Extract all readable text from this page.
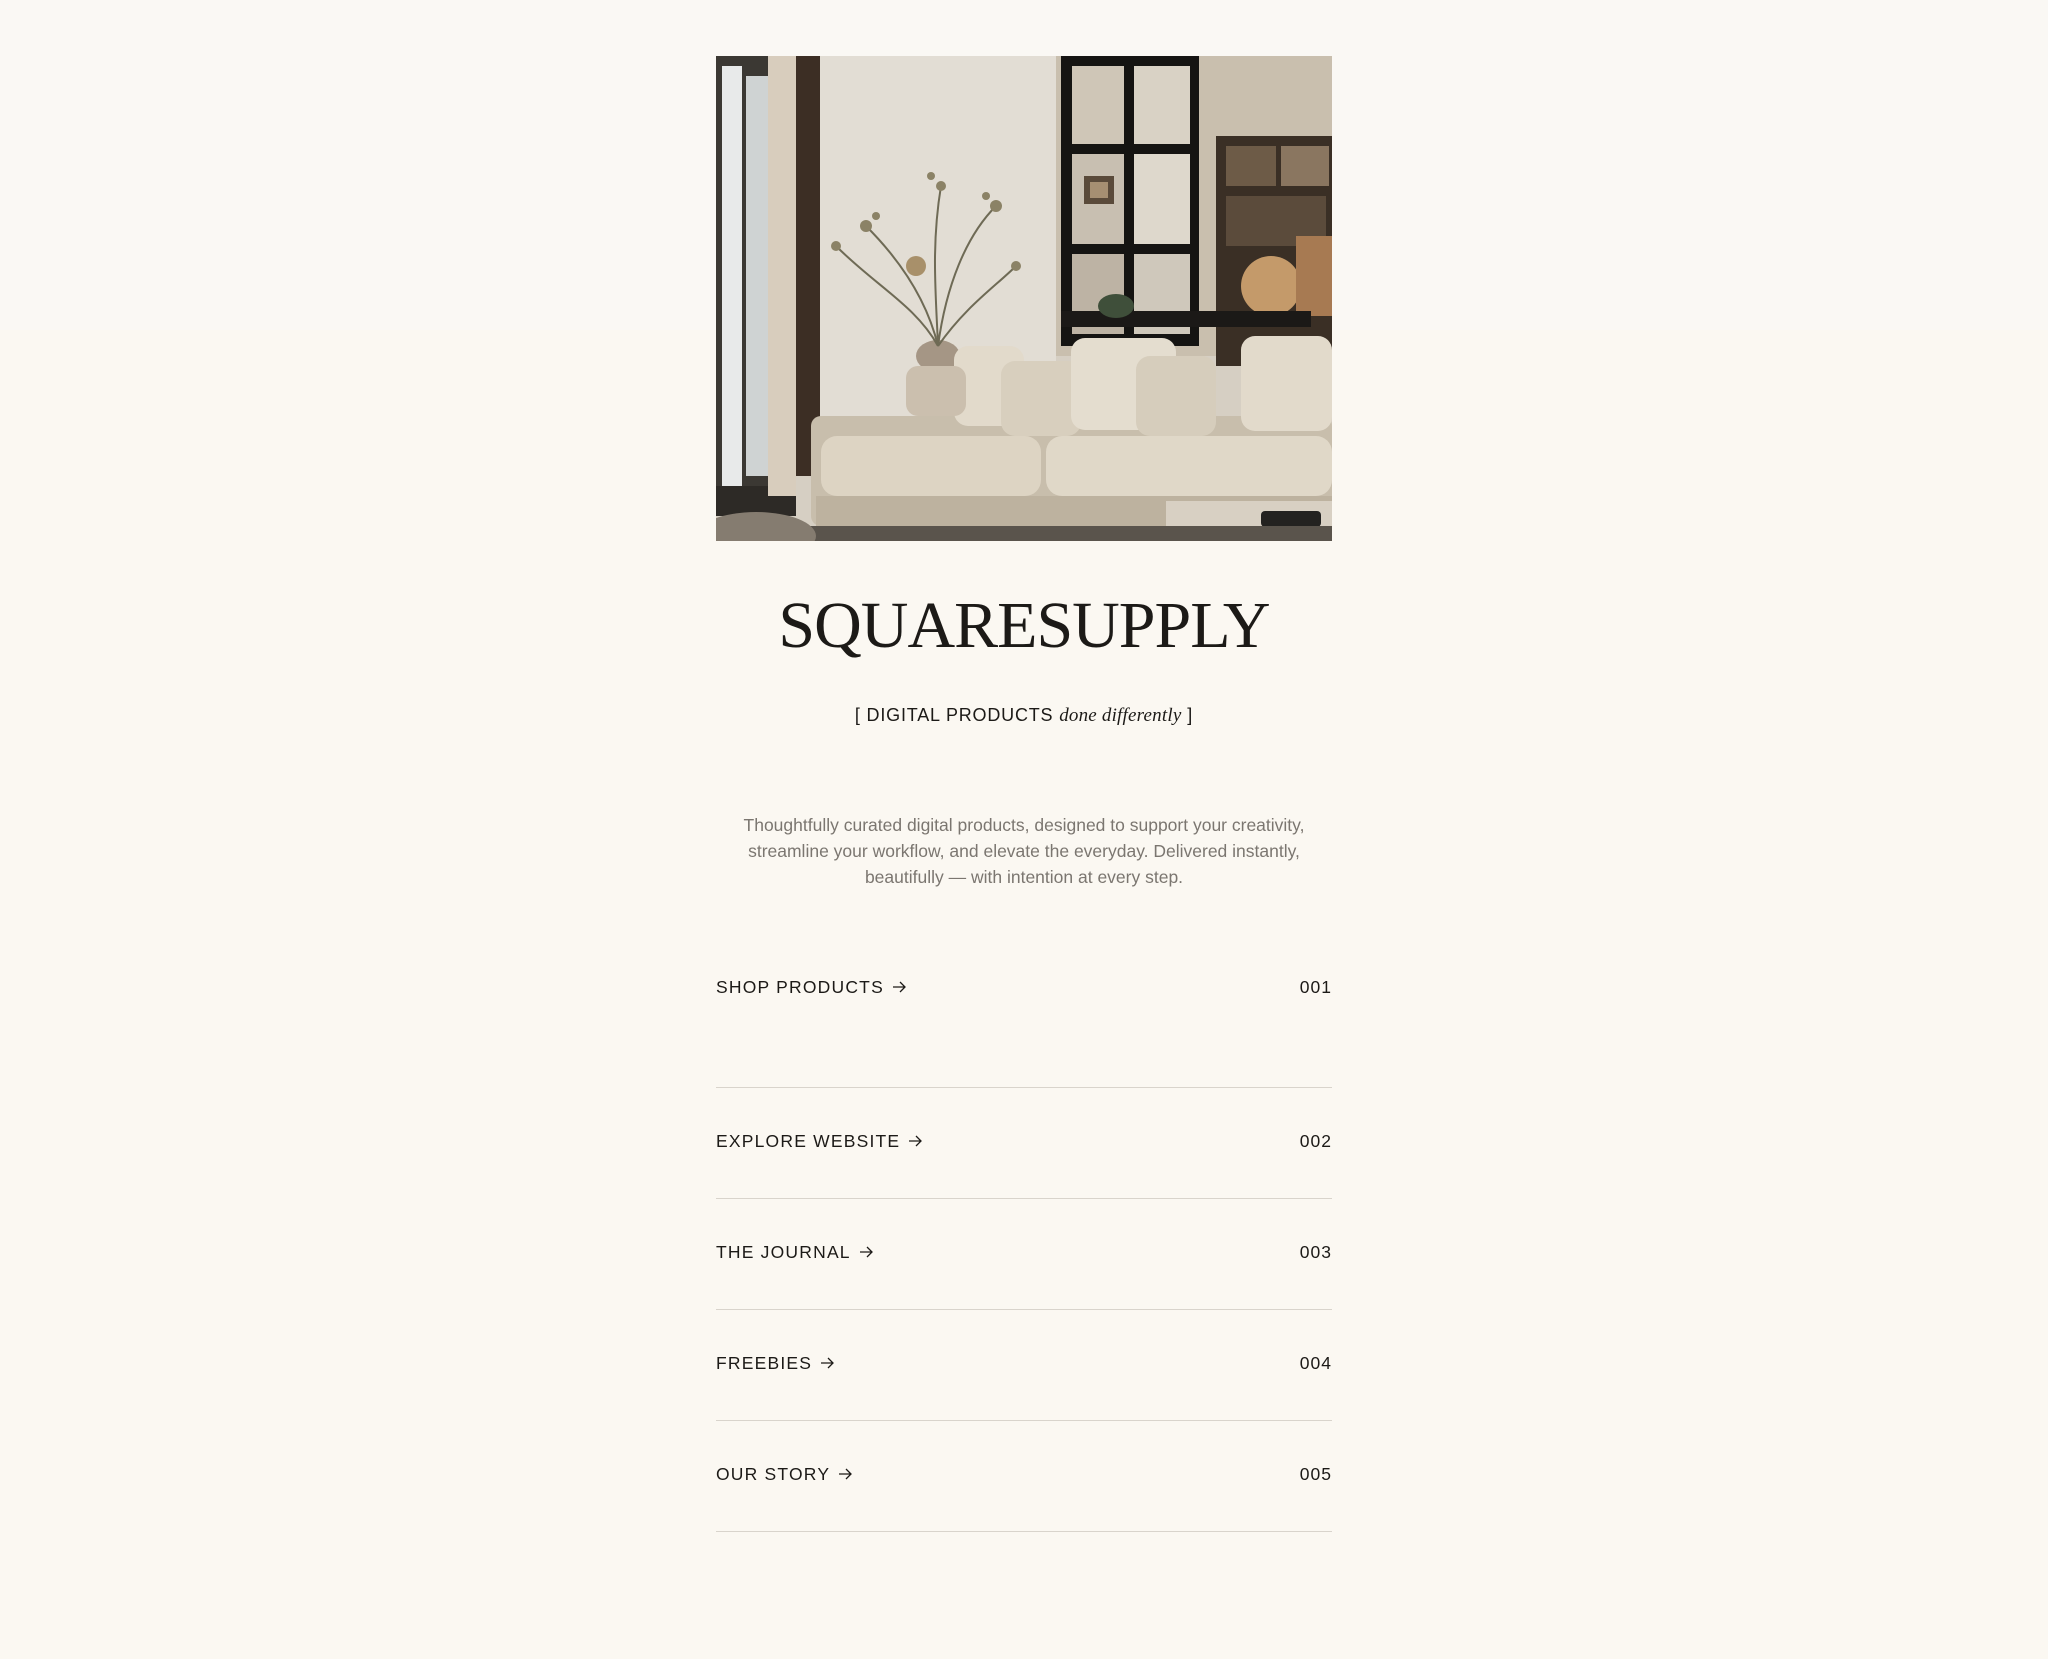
SQUARESUPPLY
[ DIGITAL PRODUCTS done differently ]
Thoughtfully curated digital products, designed to support your creativity, streamline your workflow, and elevate the everyday. Delivered instantly, beautifully — with intention at every step.
SHOP PRODUCTS	001
EXPLORE WEBSITE	002
THE JOURNAL	003
FREEBIES	004
OUR STORY	005
